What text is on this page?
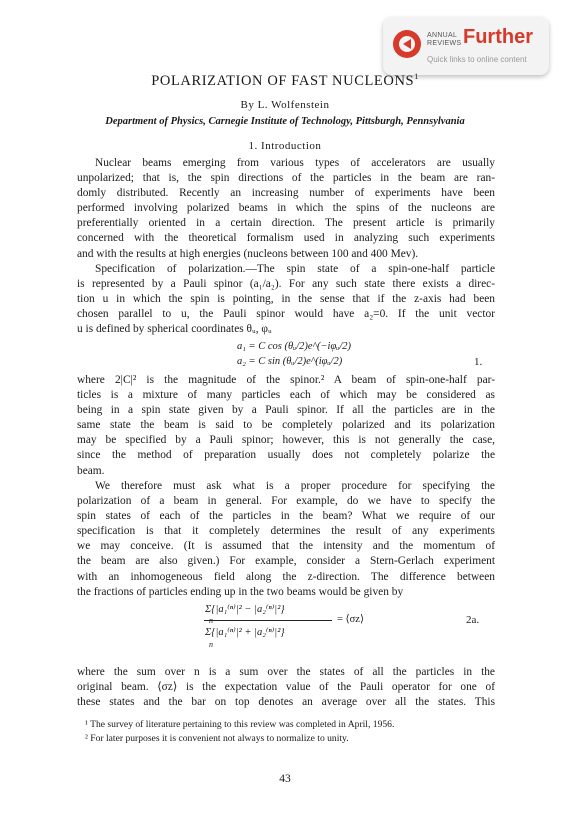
ANNUAL
REVIEWS Further
Quick links to online content
POLARIZATION OF FAST NUCLEONS$^1$
By L. Wolfenstein
Department of Physics, Carnegie Institute of Technology, Pittsburgh, Pennsylvania
1. Introduction
Nuclear beams emerging from various types of accelerators are usually
unpolarized; that is, the spin directions of the particles in the beam are ran-
domly distributed. Recently an increasing number of experiments have been
performed involving polarized beams in which the spins of the nucleons are
preferentially oriented in a certain direction. The present article is primarily
concerned with the theoretical formalism used in analyzing such experiments
and with the results at high energies (nucleons between 100 and 400 Mev).
Specification of polarization.—The spin state of a spin-one-half particle
is represented by a Pauli spinor (a₁/a₂). For any such state there exists a direc-
tion u in which the spin is pointing, in the sense that if the z-axis had been
chosen parallel to u, the Pauli spinor would have a₂=0. If the unit vector
u is defined by spherical coordinates θᵤ, φᵤ
a₁ = C cos (θᵤ/2)e^(−iφᵤ/2)
a₂ = C sin (θᵤ/2)e^(iφᵤ/2)	1.
where 2|C|² is the magnitude of the spinor.² A beam of spin-one-half par-
ticles is a mixture of many particles each of which may be considered as
being in a spin state given by a Pauli spinor. If all the particles are in the
same state the beam is said to be completely polarized and its polarization
may be specified by a Pauli spinor; however, this is not generally the case,
since the method of preparation usually does not completely polarize the
beam.
We therefore must ask what is a proper procedure for specifying the
polarization of a beam in general. For example, do we have to specify the
spin states of each of the particles in the beam? What we require of our
specification is that it completely determines the result of any experiments
we may conceive. (It is assumed that the intensity and the momentum of
the beam are also given.) For example, consider a Stern-Gerlach experiment
with an inhomogeneous field along the z-direction. The difference between
the fractions of particles ending up in the two beams would be given by
Σ{|a₁⁽ⁿ⁾|² − |a₂⁽ⁿ⁾|²}
= ⟨σz⟩
Σ{|a₁⁽ⁿ⁾|² + |a₂⁽ⁿ⁾|²}
n
2a.
where the sum over n is a sum over the states of all the particles in the
original beam. ⟨σz⟩ is the expectation value of the Pauli operator for one of
these states and the bar on top denotes an average over all the states. This
¹ The survey of literature pertaining to this review was completed in April, 1956.
² For later purposes it is convenient not always to normalize to unity.
43
